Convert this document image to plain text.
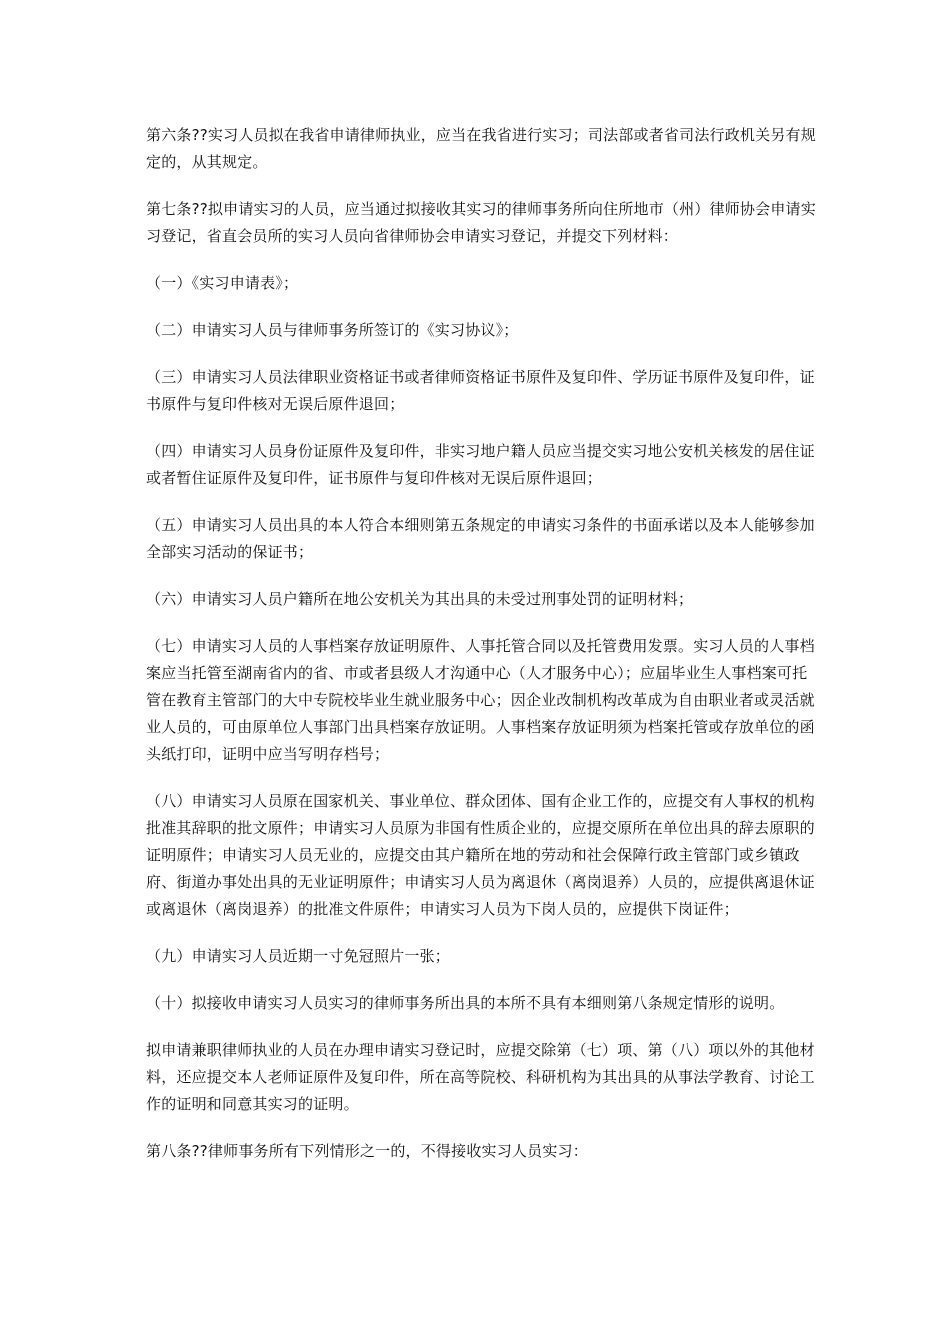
第六条??实习人员拟在我省申请律师执业，应当在我省进行实习；司法部或者省司法行政机关另有规定的，从其规定。

第七条??拟申请实习的人员，应当通过拟接收其实习的律师事务所向住所地市（州）律师协会申请实习登记，省直会员所的实习人员向省律师协会申请实习登记，并提交下列材料：

（一）《实习申请表》；

（二）申请实习人员与律师事务所签订的《实习协议》；

（三）申请实习人员法律职业资格证书或者律师资格证书原件及复印件、学历证书原件及复印件，证书原件与复印件核对无误后原件退回；

（四）申请实习人员身份证原件及复印件，非实习地户籍人员应当提交实习地公安机关核发的居住证或者暂住证原件及复印件，证书原件与复印件核对无误后原件退回；

（五）申请实习人员出具的本人符合本细则第五条规定的申请实习条件的书面承诺以及本人能够参加全部实习活动的保证书；

（六）申请实习人员户籍所在地公安机关为其出具的未受过刑事处罚的证明材料；

（七）申请实习人员的人事档案存放证明原件、人事托管合同以及托管费用发票。实习人员的人事档案应当托管至湖南省内的省、市或者县级人才沟通中心（人才服务中心）；应届毕业生人事档案可托管在教育主管部门的大中专院校毕业生就业服务中心；因企业改制机构改革成为自由职业者或灵活就业人员的，可由原单位人事部门出具档案存放证明。人事档案存放证明须为档案托管或存放单位的函头纸打印，证明中应当写明存档号；

（八）申请实习人员原在国家机关、事业单位、群众团体、国有企业工作的，应提交有人事权的机构批准其辞职的批文原件；申请实习人员原为非国有性质企业的，应提交原所在单位出具的辞去原职的证明原件；申请实习人员无业的，应提交由其户籍所在地的劳动和社会保障行政主管部门或乡镇政府、街道办事处出具的无业证明原件；申请实习人员为离退休（离岗退养）人员的，应提供离退休证或离退休（离岗退养）的批准文件原件；申请实习人员为下岗人员的，应提供下岗证件；

（九）申请实习人员近期一寸免冠照片一张；

（十）拟接收申请实习人员实习的律师事务所出具的本所不具有本细则第八条规定情形的说明。

拟申请兼职律师执业的人员在办理申请实习登记时，应提交除第（七）项、第（八）项以外的其他材料，还应提交本人老师证原件及复印件，所在高等院校、科研机构为其出具的从事法学教育、讨论工作的证明和同意其实习的证明。

第八条??律师事务所有下列情形之一的，不得接收实习人员实习：
